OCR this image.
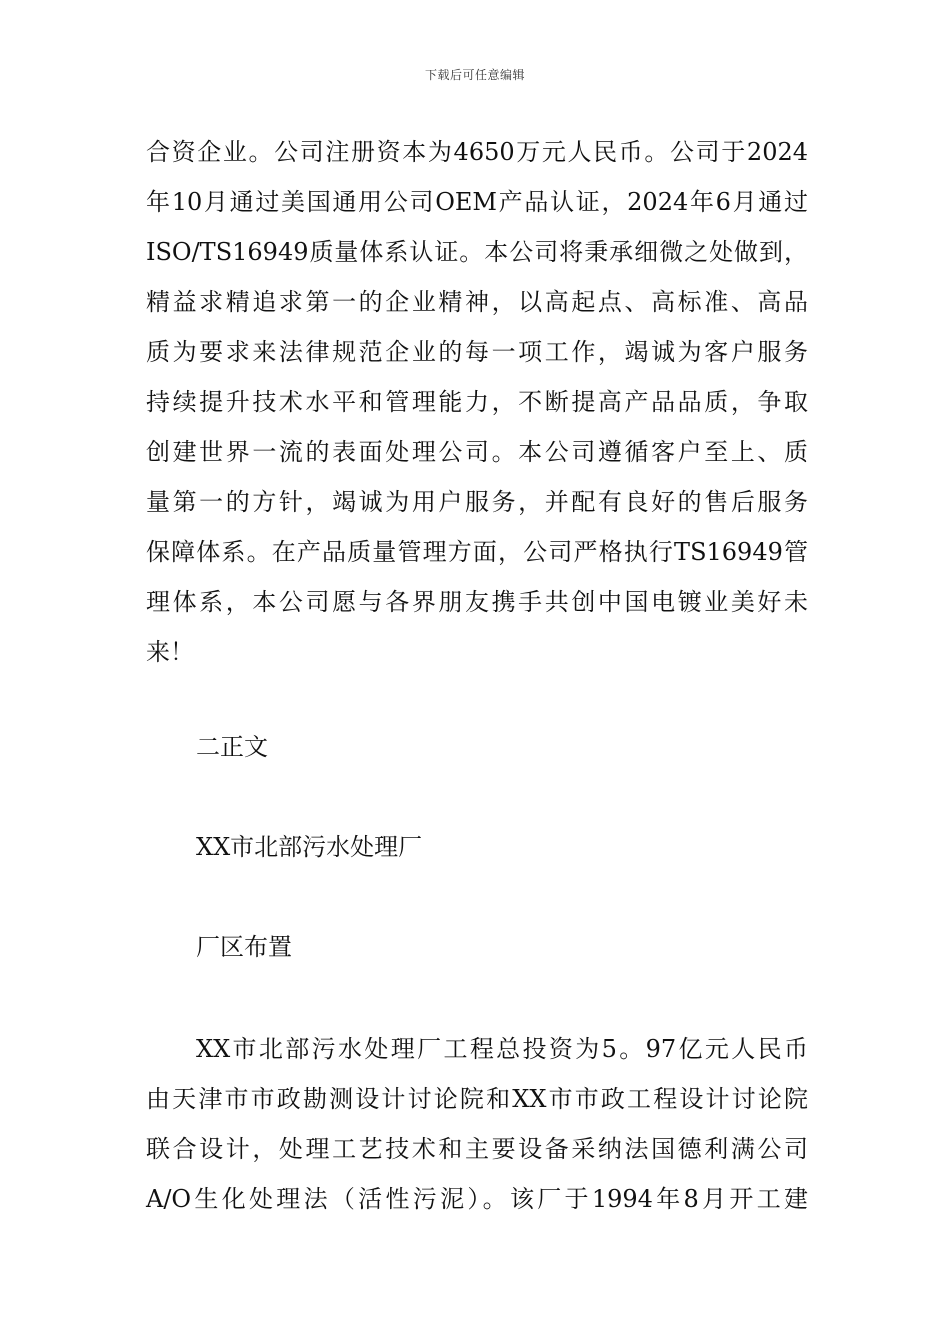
下载后可任意编辑
合资企业。公司注册资本为4650万元人民币。公司于2024
年10月通过美国通用公司OEM产品认证，2024年6月通过
ISO/TS16949质量体系认证。本公司将秉承细微之处做到，
精益求精追求第一的企业精神，以高起点、高标准、高品
质为要求来法律规范企业的每一项工作，竭诚为客户服务
持续提升技术水平和管理能力，不断提高产品品质，争取
创建世界一流的表面处理公司。本公司遵循客户至上、质
量第一的方针，竭诚为用户服务，并配有良好的售后服务
保障体系。在产品质量管理方面，公司严格执行TS16949管
理体系，本公司愿与各界朋友携手共创中国电镀业美好未
来！
二正文
XX市北部污水处理厂
厂区布置
XX市北部污水处理厂工程总投资为5。97亿元人民币
由天津市市政勘测设计讨论院和XX市市政工程设计讨论院
联合设计，处理工艺技术和主要设备采纳法国德利满公司
A/O生化处理法（活性污泥）。该厂于1994年8月开工建
